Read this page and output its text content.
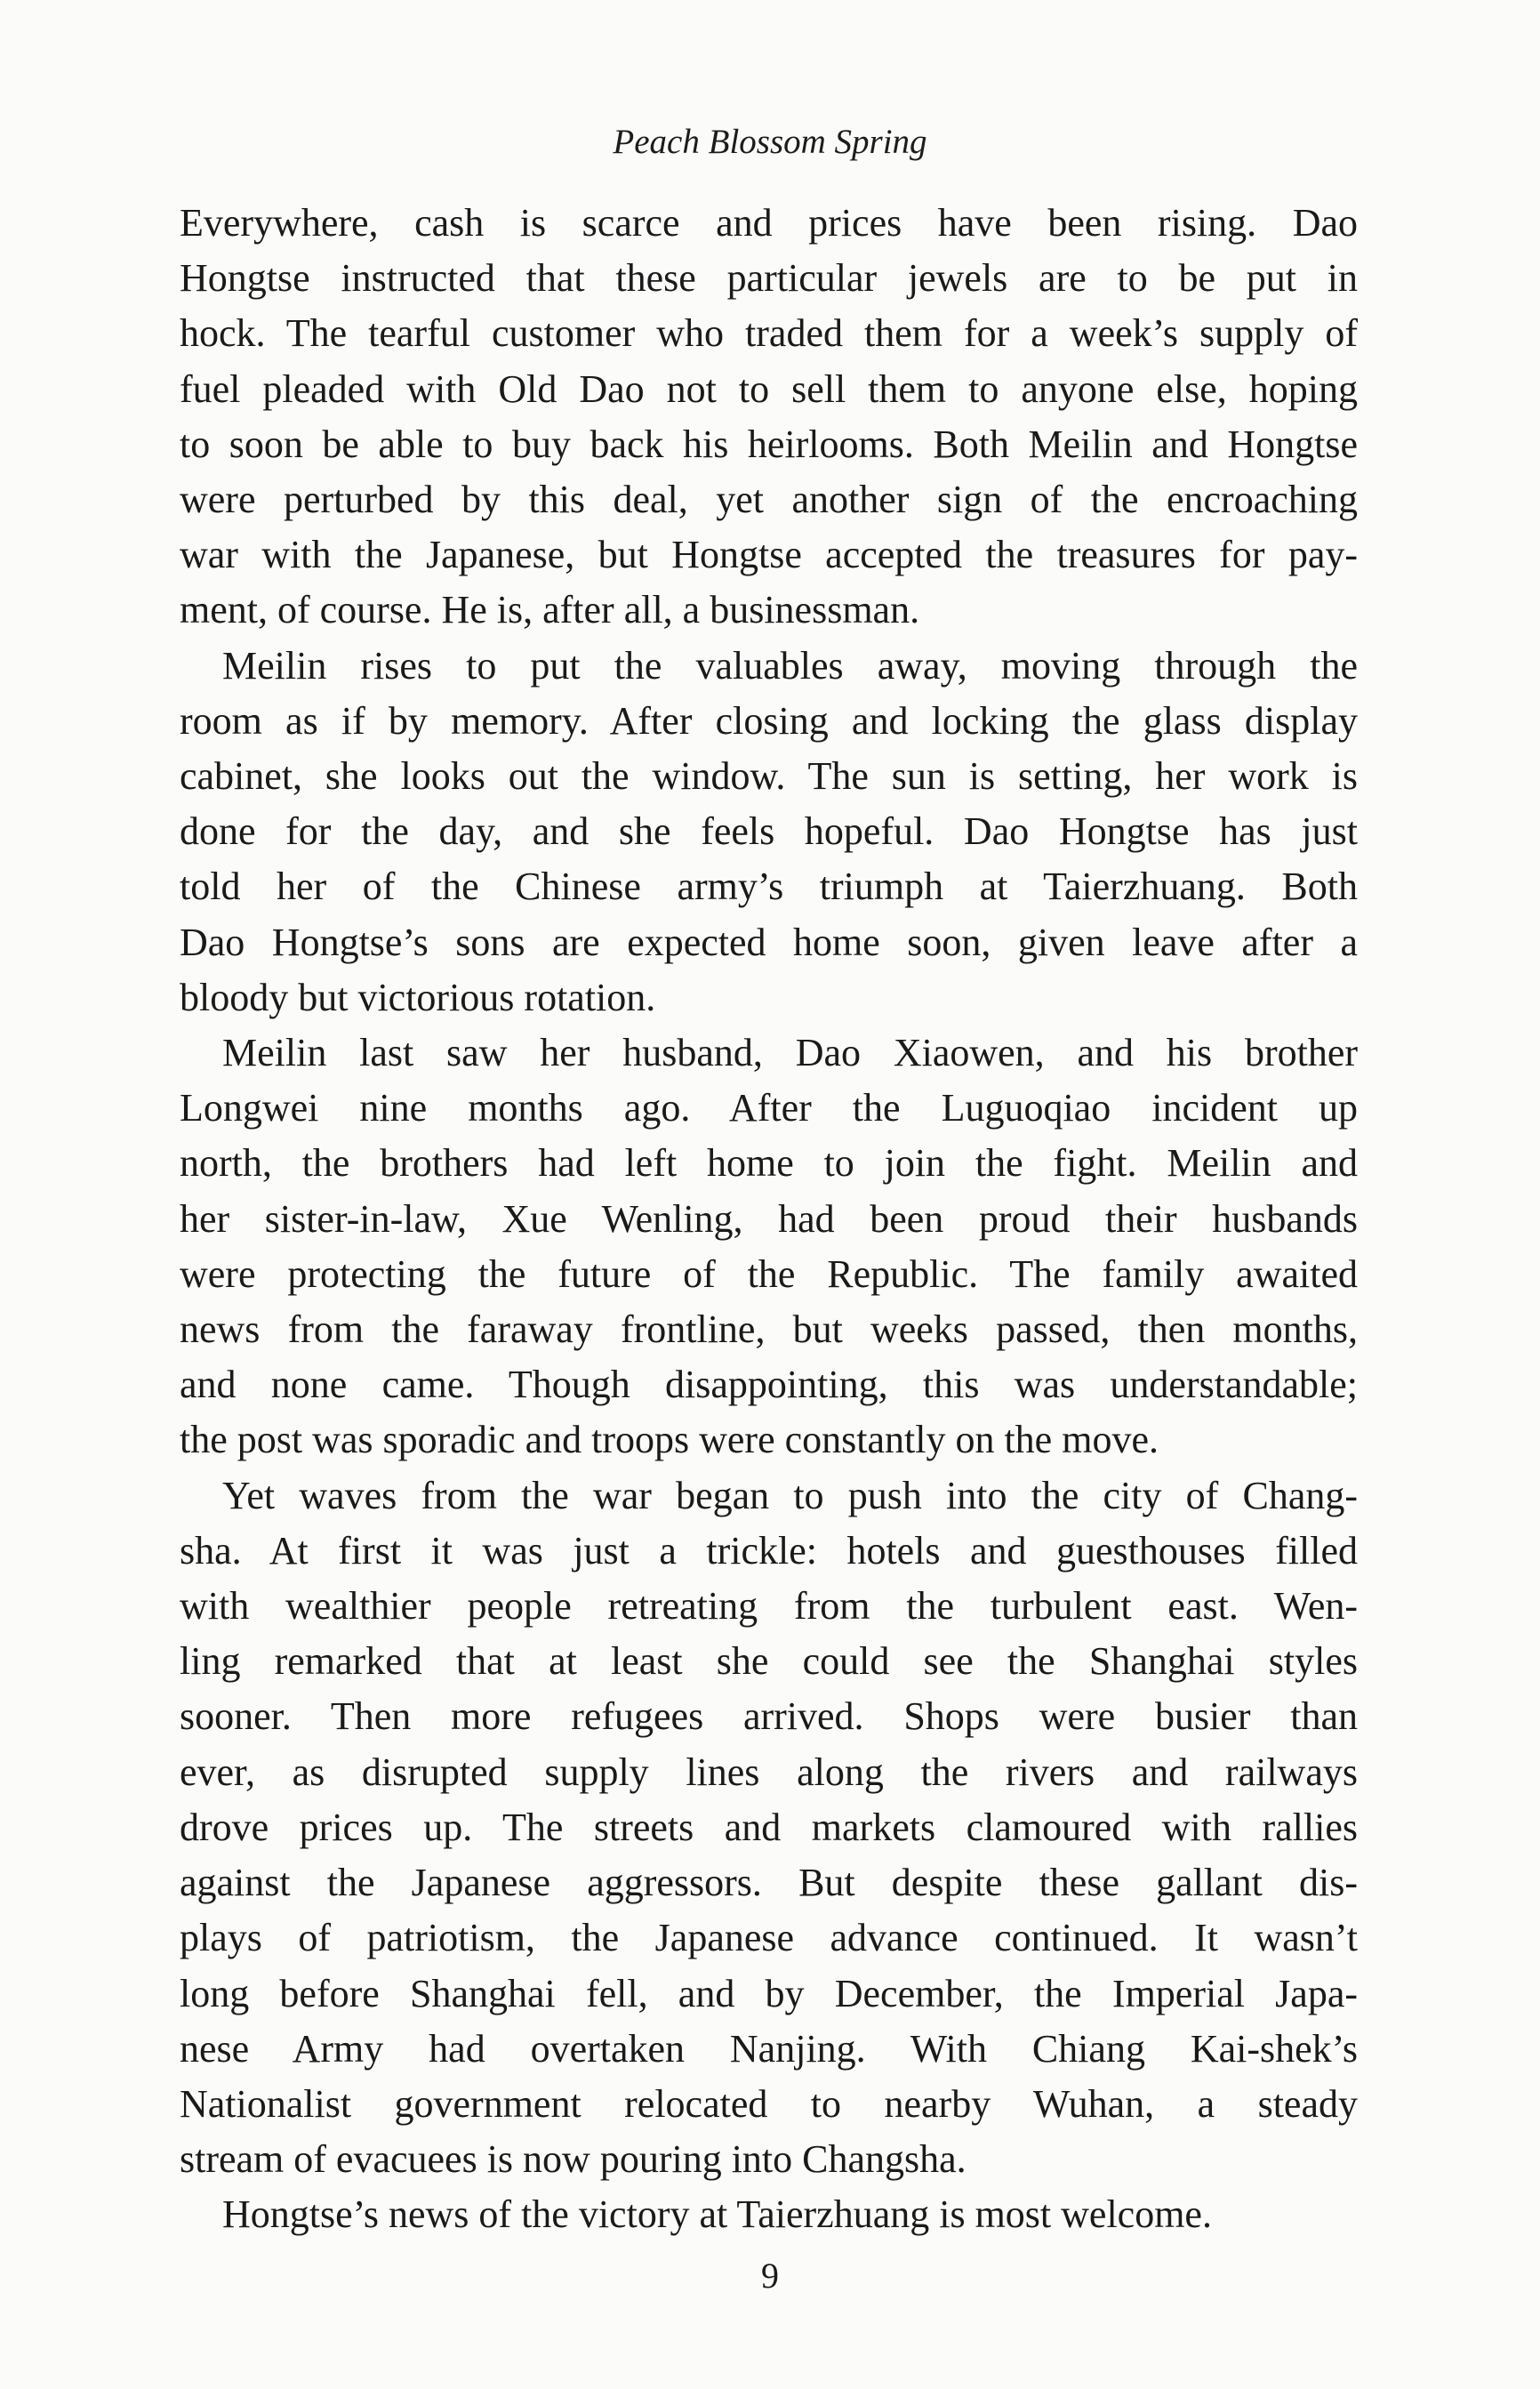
Peach Blossom Spring
Everywhere, cash is scarce and prices have been rising. Dao
Hongtse instructed that these particular jewels are to be put in
hock. The tearful customer who traded them for a week’s supply of
fuel pleaded with Old Dao not to sell them to anyone else, hoping
to soon be able to buy back his heirlooms. Both Meilin and Hongtse
were perturbed by this deal, yet another sign of the encroaching
war with the Japanese, but Hongtse accepted the treasures for pay-
ment, of course. He is, after all, a businessman.
Meilin rises to put the valuables away, moving through the
room as if by memory. After closing and locking the glass display
cabinet, she looks out the window. The sun is setting, her work is
done for the day, and she feels hopeful. Dao Hongtse has just
told her of the Chinese army’s triumph at Taierzhuang. Both
Dao Hongtse’s sons are expected home soon, given leave after a
bloody but victorious rotation.
Meilin last saw her husband, Dao Xiaowen, and his brother
Longwei nine months ago. After the Luguoqiao incident up
north, the brothers had left home to join the fight. Meilin and
her sister-in-law, Xue Wenling, had been proud their husbands
were protecting the future of the Republic. The family awaited
news from the faraway frontline, but weeks passed, then months,
and none came. Though disappointing, this was understandable;
the post was sporadic and troops were constantly on the move.
Yet waves from the war began to push into the city of Chang-
sha. At first it was just a trickle: hotels and guesthouses filled
with wealthier people retreating from the turbulent east. Wen-
ling remarked that at least she could see the Shanghai styles
sooner. Then more refugees arrived. Shops were busier than
ever, as disrupted supply lines along the rivers and railways
drove prices up. The streets and markets clamoured with rallies
against the Japanese aggressors. But despite these gallant dis-
plays of patriotism, the Japanese advance continued. It wasn’t
long before Shanghai fell, and by December, the Imperial Japa-
nese Army had overtaken Nanjing. With Chiang Kai-shek’s
Nationalist government relocated to nearby Wuhan, a steady
stream of evacuees is now pouring into Changsha.
Hongtse’s news of the victory at Taierzhuang is most welcome.
9
